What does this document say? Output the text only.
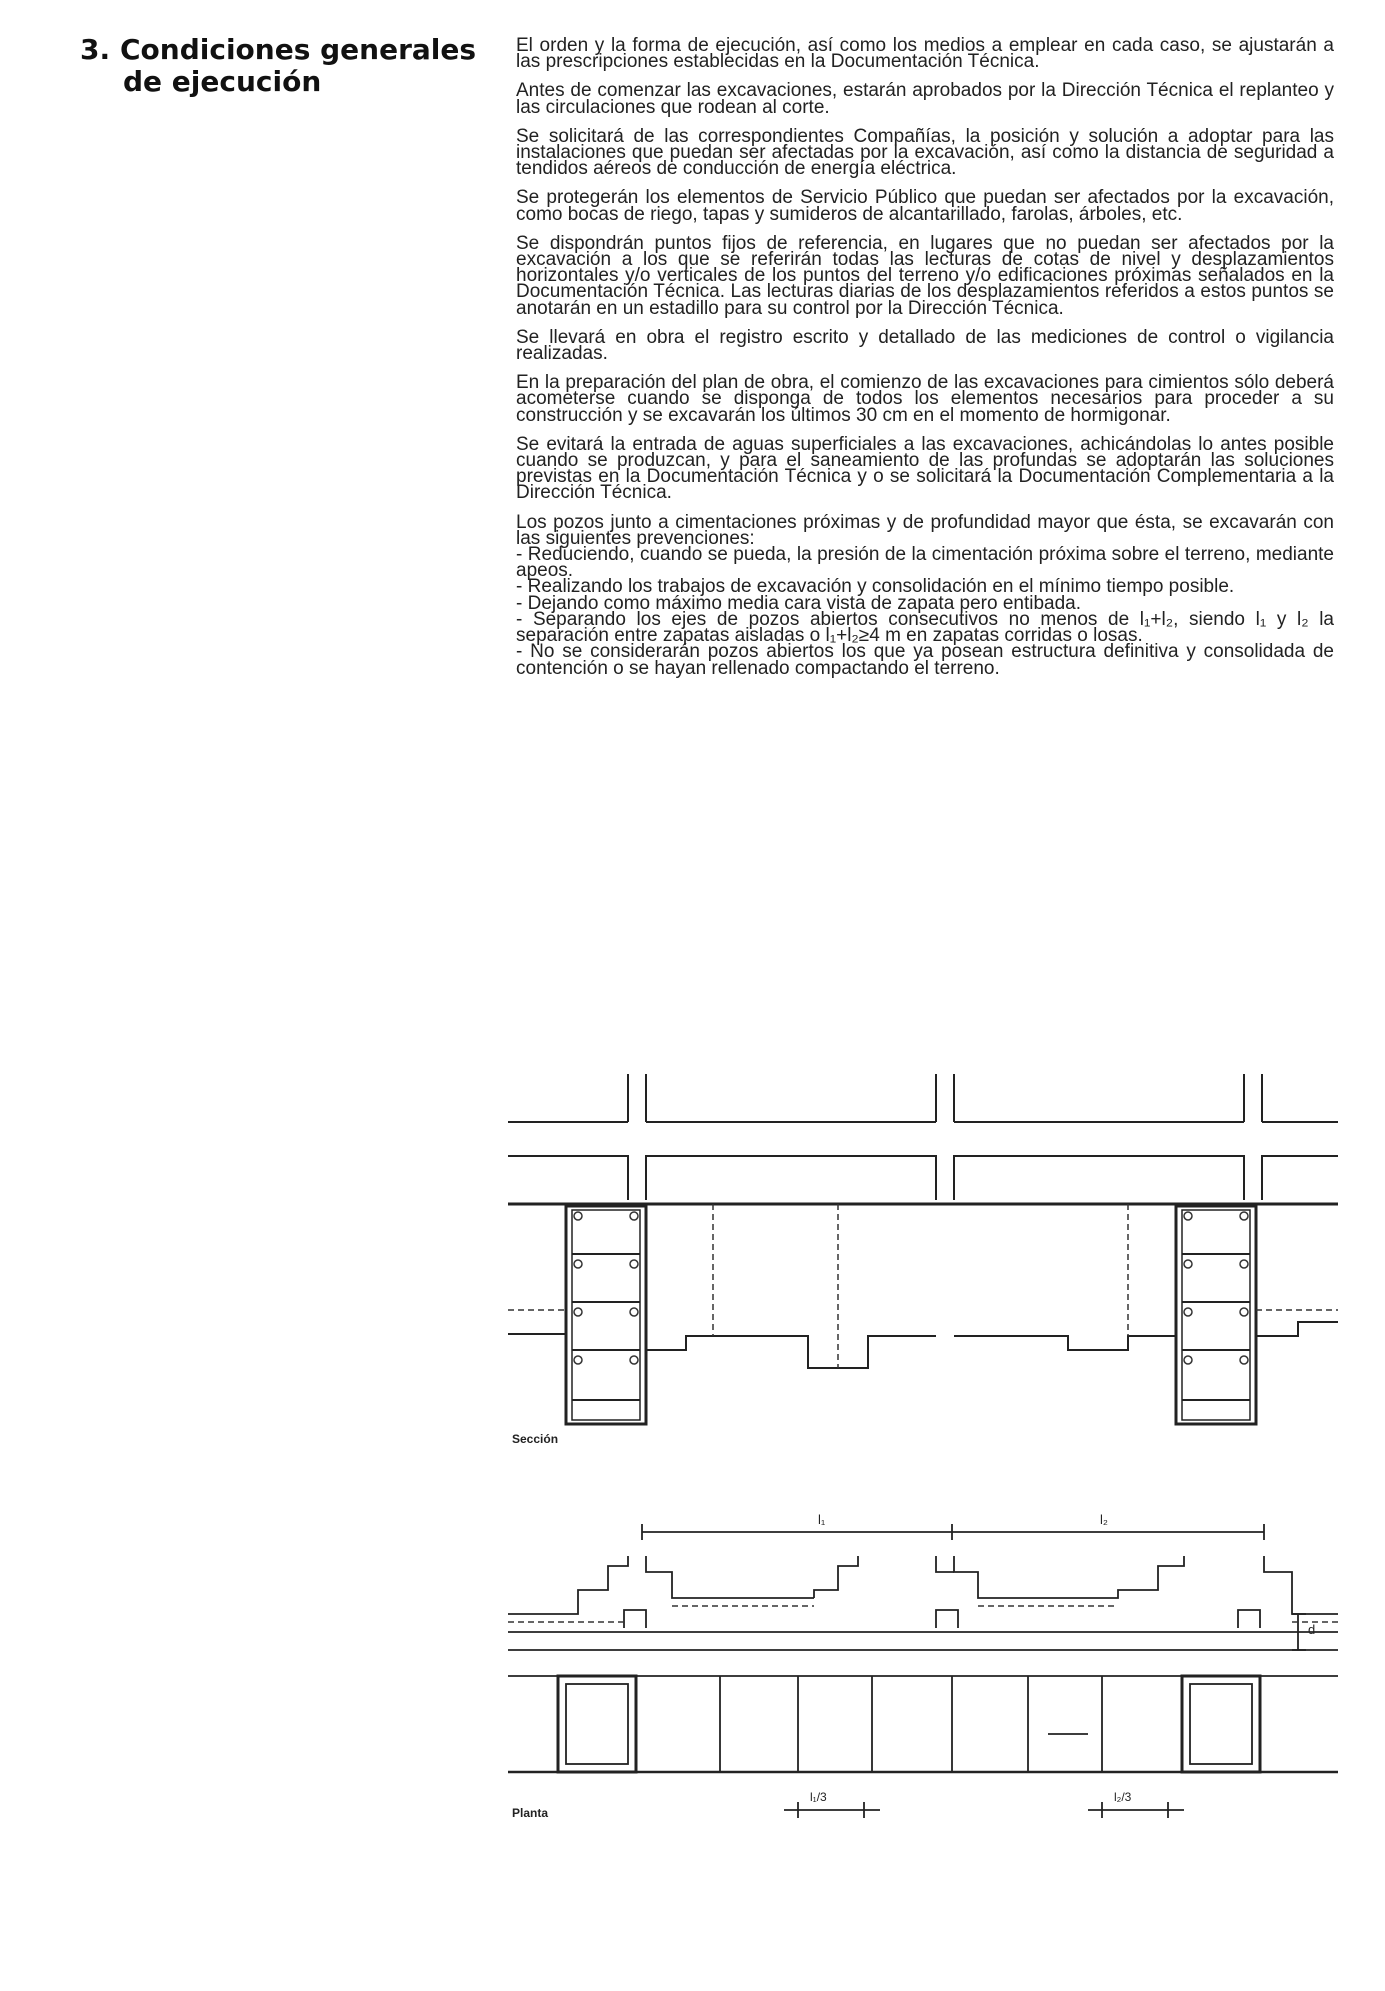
3. Condiciones generales
de ejecución

El orden y la forma de ejecución, así como los medios a emplear en cada caso, se ajustarán a las prescripciones establecidas en la Documentación Técnica.

Antes de comenzar las excavaciones, estarán aprobados por la Dirección Técnica el replanteo y las circulaciones que rodean al corte.

Se solicitará de las correspondientes Compañías, la posición y solución a adoptar para las instalaciones que puedan ser afectadas por la excavación, así como la distancia de seguridad a tendidos aéreos de conducción de energía eléctrica.

Se protegerán los elementos de Servicio Público que puedan ser afectados por la excavación, como bocas de riego, tapas y sumideros de alcantarillado, farolas, árboles, etc.

Se dispondrán puntos fijos de referencia, en lugares que no puedan ser afectados por la excavación a los que se referirán todas las lecturas de cotas de nivel y desplazamientos horizontales y/o verticales de los puntos del terreno y/o edificaciones próximas señalados en la Documentación Técnica. Las lecturas diarias de los desplazamientos referidos a estos puntos se anotarán en un estadillo para su control por la Dirección Técnica.

Se llevará en obra el registro escrito y detallado de las mediciones de control o vigilancia realizadas.

En la preparación del plan de obra, el comienzo de las excavaciones para cimientos sólo deberá acometerse cuando se disponga de todos los elementos necesarios para proceder a su construcción y se excavarán los últimos 30 cm en el momento de hormigonar.

Se evitará la entrada de aguas superficiales a las excavaciones, achicándolas lo antes posible cuando se produzcan, y para el saneamiento de las profundas se adoptarán las soluciones previstas en la Documentación Técnica y o se solicitará la Documentación Complementaria a la Dirección Técnica.

Los pozos junto a cimentaciones próximas y de profundidad mayor que ésta, se excavarán con las siguientes prevenciones:
- Reduciendo, cuando se pueda, la presión de la cimentación próxima sobre el terreno, mediante apeos.
- Realizando los trabajos de excavación y consolidación en el mínimo tiempo posible.
- Dejando como máximo media cara vista de zapata pero entibada.
- Separando los ejes de pozos abiertos consecutivos no menos de l₁+l₂, siendo l₁ y l₂ la separación entre zapatas aisladas o l₁+l₂≥4 m en zapatas corridas o losas.
- No se considerarán pozos abiertos los que ya posean estructura definitiva y consolidada de contención o se hayan rellenado compactando el terreno.

Sección
l₁	l₂
d
l₁/3	l₂/3
Planta
